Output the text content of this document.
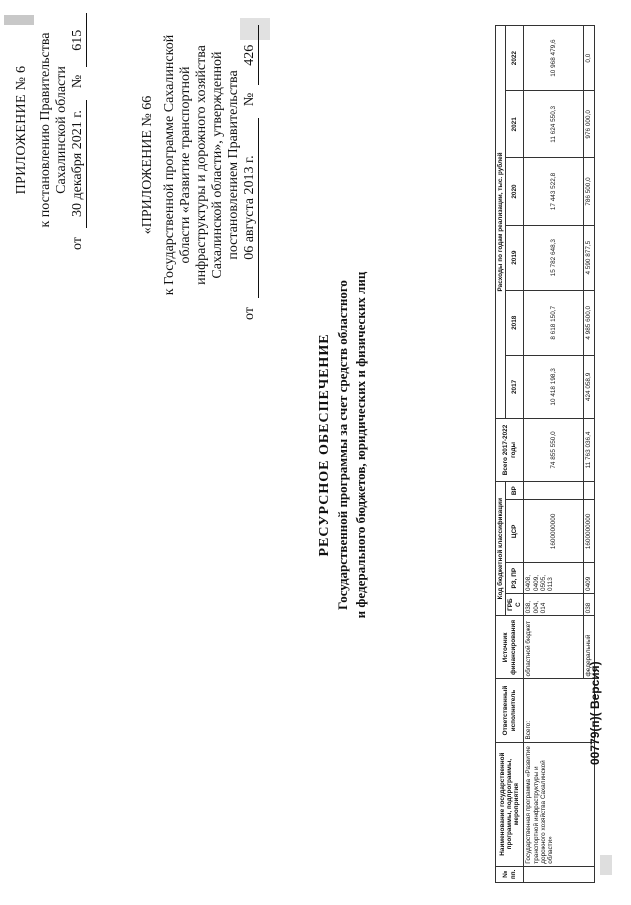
ПРИЛОЖЕНИЕ № 6 к постановлению Правительства Сахалинской области
от 30 декабря 2021 г. № 615
«ПРИЛОЖЕНИЕ № 66 к Государственной программе Сахалинской области «Развитие транспортной инфраструктуры и дорожного хозяйства Сахалинской области», утвержденной постановлением Правительства
от 06 августа 2013 г. № 426
РЕСУРСНОЕ ОБЕСПЕЧЕНИЕ Государственной программы за счет средств областного и федерального бюджетов, юридических и физических лиц
№ пп.	Наименование государственной программы, подпрограммы, мероприятия	Ответственный исполнитель	Источник финансирования	Код бюджетной классификации				Всего 2017-2022 годы	Расходы по годам реализации, тыс. рублей					
				ГРБ С	РЗ, ПР	ЦСР	ВР		2017	2018	2019	2020	2021	2022
	Государственная программа «Развитие транспортной инфраструктуры и дорожного хозяйства Сахалинской области»	Всего:	областной бюджет	038, 004, 014	0408, 0409, 0505, 0113	1600000000		74 855 550,0	10 418 198,3	8 618 150,7	15 782 648,3	17 443 522,8	11 624 550,3	10 968 479,6
			федеральный	038	0409	1600000000		11 763 036,4	424 058,9	4 985 600,0	4 590 877,5	786 500,0	976 000,0	0,0
00779(п)( Версия)
